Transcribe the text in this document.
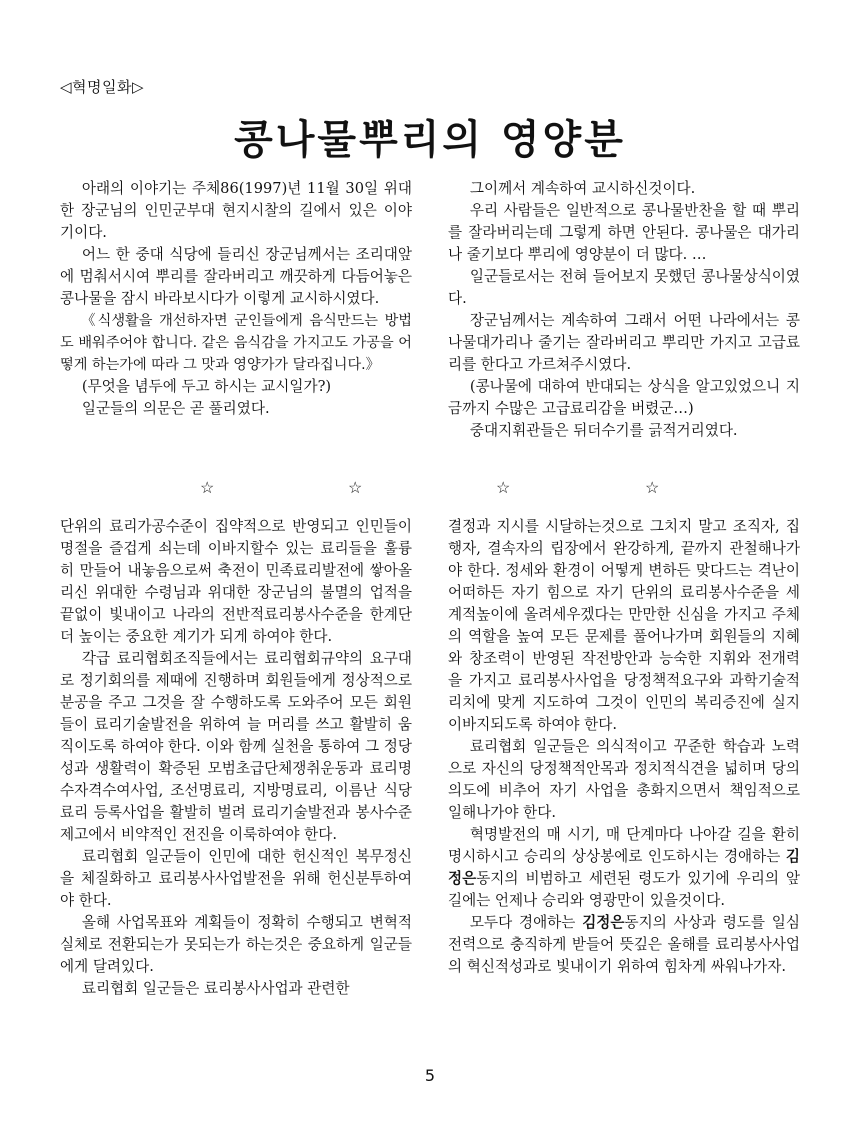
◁혁명일화▷
콩나물뿌리의 영양분

아래의 이야기는 주체86(1997)년 11월 30일 위대한 장군님의 인민군부대 현지시찰의 길에서 있은 이야기이다.

어느 한 중대 식당에 들리신 장군님께서는 조리대앞에 멈춰서시여 뿌리를 잘라버리고 깨끗하게 다듬어놓은 콩나물을 잠시 바라보시다가 이렇게 교시하시였다.

《식생활을 개선하자면 군인들에게 음식만드는 방법도 배워주어야 합니다. 같은 음식감을 가지고도 가공을 어떻게 하는가에 따라 그 맛과 영양가가 달라집니다.》

(무엇을 념두에 두고 하시는 교시일가?)

일군들의 의문은 곧 풀리였다.

그이께서 계속하여 교시하신것이다.

우리 사람들은 일반적으로 콩나물반찬을 할 때 뿌리를 잘라버리는데 그렇게 하면 안된다. 콩나물은 대가리나 줄기보다 뿌리에 영양분이 더 많다. …

일군들로서는 전혀 들어보지 못했던 콩나물상식이였다.

장군님께서는 계속하여 그래서 어떤 나라에서는 콩나물대가리나 줄기는 잘라버리고 뿌리만 가지고 고급료리를 한다고 가르쳐주시였다.

(콩나물에 대하여 반대되는 상식을 알고있었으니 지금까지 수많은 고급료리감을 버렸군…)

중대지휘관들은 뒤더수기를 긁적거리였다.

☆	☆	☆	☆

단위의 료리가공수준이 집약적으로 반영되고 인민들이 명절을 즐겁게 쇠는데 이바지할수 있는 료리들을 훌륭히 만들어 내놓음으로써 축전이 민족료리발전에 쌓아올리신 위대한 수령님과 위대한 장군님의 불멸의 업적을 끝없이 빛내이고 나라의 전반적료리봉사수준을 한계단 더 높이는 중요한 계기가 되게 하여야 한다.

각급 료리협회조직들에서는 료리협회규약의 요구대로 정기회의를 제때에 진행하며 회원들에게 정상적으로 분공을 주고 그것을 잘 수행하도록 도와주어 모든 회원들이 료리기술발전을 위하여 늘 머리를 쓰고 활발히 움직이도록 하여야 한다. 이와 함께 실천을 통하여 그 정당성과 생활력이 확증된 모범초급단체쟁취운동과 료리명수자격수여사업, 조선명료리, 지방명료리, 이름난 식당료리 등록사업을 활발히 벌려 료리기술발전과 봉사수준제고에서 비약적인 전진을 이룩하여야 한다.

료리협회 일군들이 인민에 대한 헌신적인 복무정신을 체질화하고 료리봉사사업발전을 위해 헌신분투하여야 한다.

올해 사업목표와 계획들이 정확히 수행되고 변혁적실체로 전환되는가 못되는가 하는것은 중요하게 일군들에게 달려있다.

료리협회 일군들은 료리봉사사업과 관련한

결정과 지시를 시달하는것으로 그치지 말고 조직자, 집행자, 결속자의 립장에서 완강하게, 끝까지 관철해나가야 한다. 정세와 환경이 어떻게 변하든 맞다드는 격난이 어떠하든 자기 힘으로 자기 단위의 료리봉사수준을 세계적높이에 올려세우겠다는 만만한 신심을 가지고 주체의 역할을 높여 모든 문제를 풀어나가며 회원들의 지혜와 창조력이 반영된 작전방안과 능숙한 지휘와 전개력을 가지고 료리봉사사업을 당정책적요구와 과학기술적리치에 맞게 지도하여 그것이 인민의 복리증진에 실지 이바지되도록 하여야 한다.

료리협회 일군들은 의식적이고 꾸준한 학습과 노력으로 자신의 당정책적안목과 정치적식견을 넓히며 당의 의도에 비추어 자기 사업을 총화지으면서 책임적으로 일해나가야 한다.

혁명발전의 매 시기, 매 단계마다 나아갈 길을 환히 명시하시고 승리의 상상봉에로 인도하시는 경애하는 김정은동지의 비범하고 세련된 령도가 있기에 우리의 앞길에는 언제나 승리와 영광만이 있을것이다.

모두다 경애하는 김정은동지의 사상과 령도를 일심전력으로 충직하게 받들어 뜻깊은 올해를 료리봉사사업의 혁신적성과로 빛내이기 위하여 힘차게 싸워나가자.

5
